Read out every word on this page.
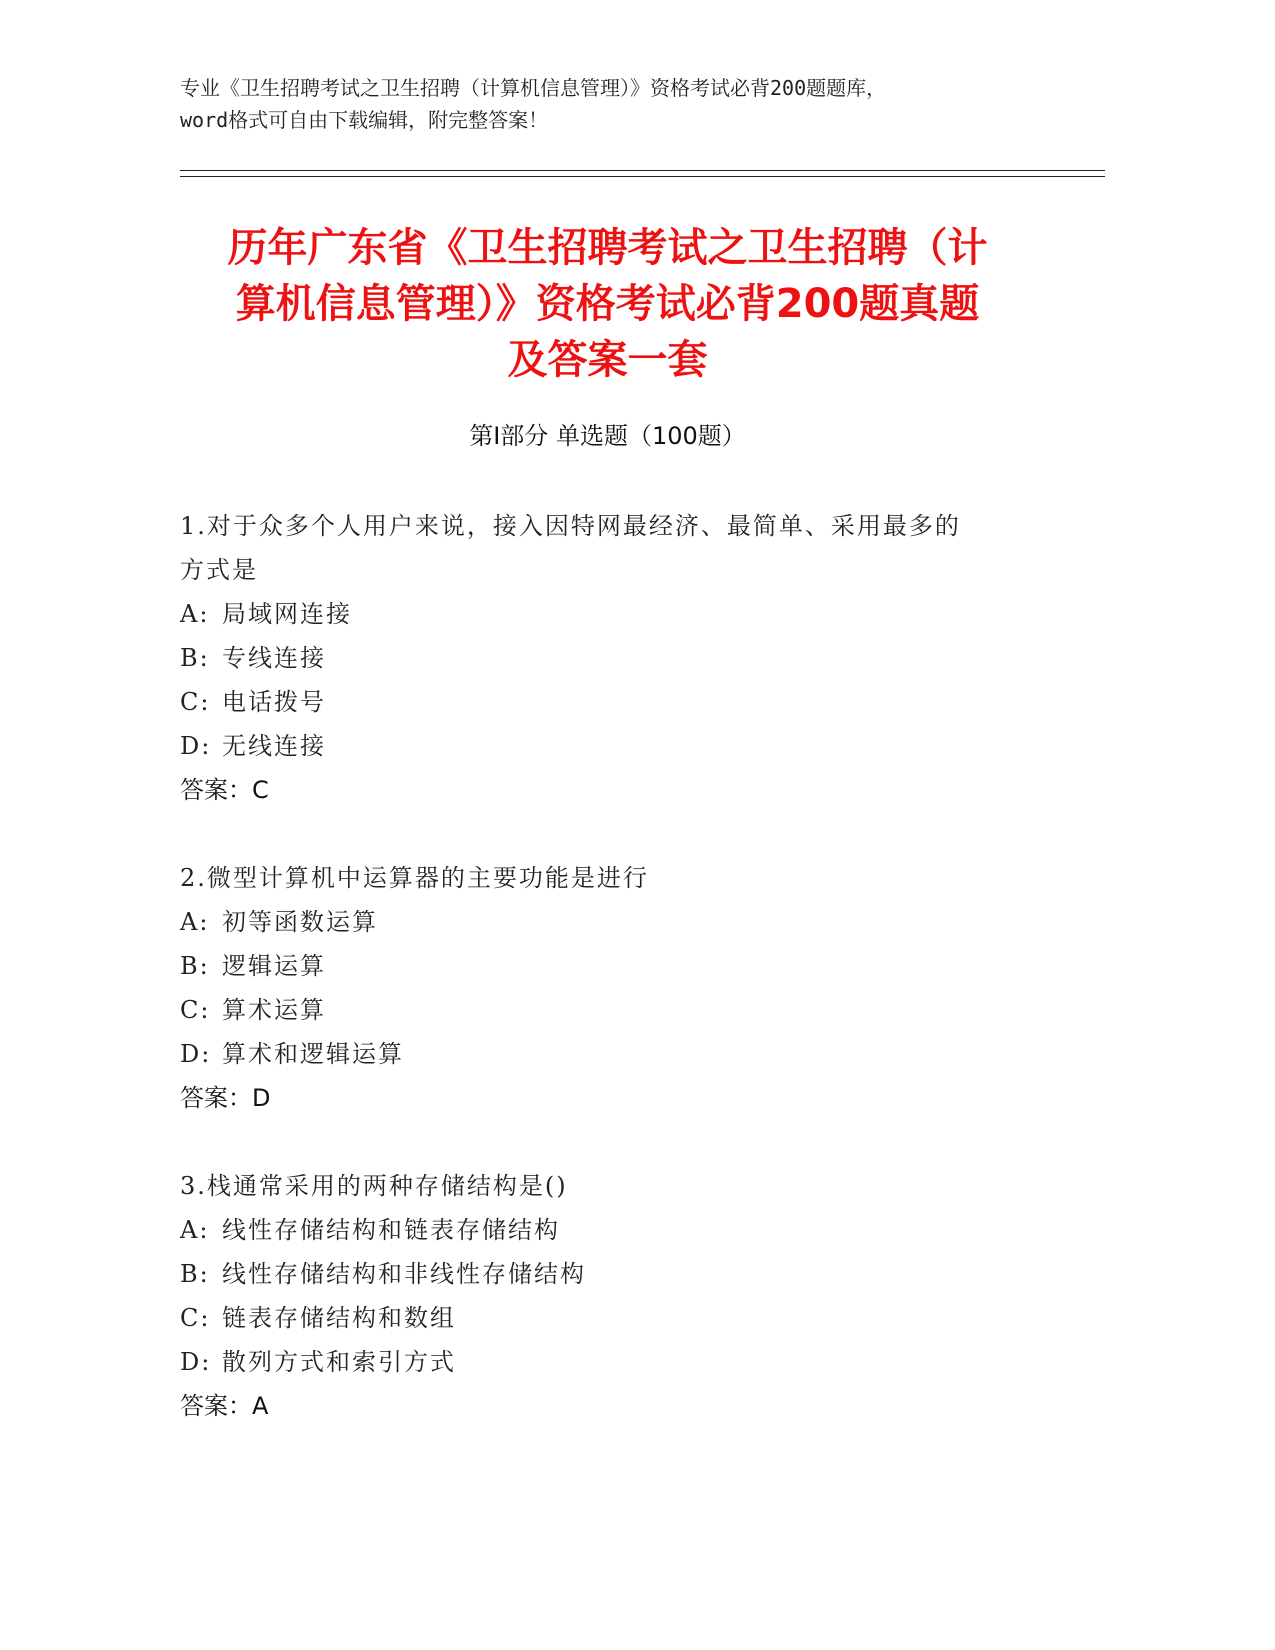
专业《卫生招聘考试之卫生招聘（计算机信息管理）》资格考试必背200题题库，
word格式可自由下载编辑，附完整答案！
历年广东省《卫生招聘考试之卫生招聘（计
算机信息管理）》资格考试必背200题真题
及答案一套
第Ⅰ部分 单选题（100题）
1.对于众多个人用户来说，接入因特网最经济、最简单、采用最多的
方式是
A: 局域网连接
B: 专线连接
C: 电话拨号
D: 无线连接
答案：C
2.微型计算机中运算器的主要功能是进行
A: 初等函数运算
B: 逻辑运算
C: 算术运算
D: 算术和逻辑运算
答案：D
3.栈通常采用的两种存储结构是()
A: 线性存储结构和链表存储结构
B: 线性存储结构和非线性存储结构
C: 链表存储结构和数组
D: 散列方式和索引方式
答案：A
